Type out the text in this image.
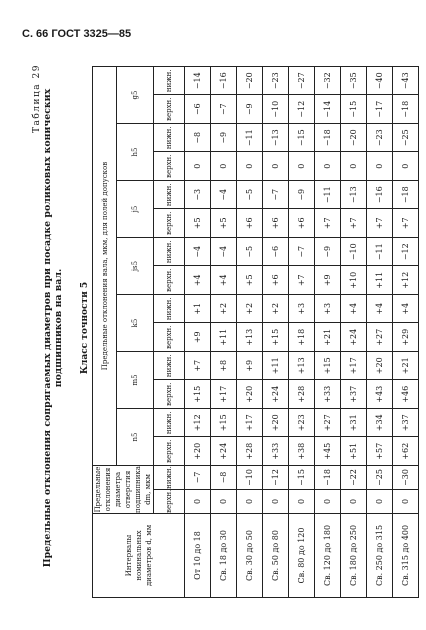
С. 66 ГОСТ 3325—85
Таблица 29 Предельные отклонения сопрягаемых диаметров при посадке роликовых конических подшипников на вал. Класс точности 5
Интервалы номинальных диаметров d, мм	Предельные отклонения диаметра отверстия подшипника dm, мкм		Предельные отклонения вала, мкм, для полей допусков													
			n5		m5		k5		js5		j5		h5		g5	
	верхн.	нижн.	верхн.	нижн.	верхн.	нижн.	верхн.	нижн.	верхн.	нижн.	верхн.	нижн.	верхн.	нижн.	верхн.	нижн.
От 10 до 18	0	−7	+20	+12	+15	+7	+9	+1	+4	−4	+5	−3	0	−8	−6	−14
Св. 18 до 30	0	−8	+24	+15	+17	+8	+11	+2	+4	−4	+5	−4	0	−9	−7	−16
Св. 30 до 50	0	−10	+28	+17	+20	+9	+13	+2	+5	−5	+6	−5	0	−11	−9	−20
Св. 50 до 80	0	−12	+33	+20	+24	+11	+15	+2	+6	−6	+6	−7	0	−13	−10	−23
Св. 80 до 120	0	−15	+38	+23	+28	+13	+18	+3	+7	−7	+6	−9	0	−15	−12	−27
Св. 120 до 180	0	−18	+45	+27	+33	+15	+21	+3	+9	−9	+7	−11	0	−18	−14	−32
Св. 180 до 250	0	−22	+51	+31	+37	+17	+24	+4	+10	−10	+7	−13	0	−20	−15	−35
Св. 250 до 315	0	−25	+57	+34	+43	+20	+27	+4	+11	−11	+7	−16	0	−23	−17	−40
Св. 315 до 400	0	−30	+62	+37	+46	+21	+29	+4	+12	−12	+7	−18	0	−25	−18	−43
